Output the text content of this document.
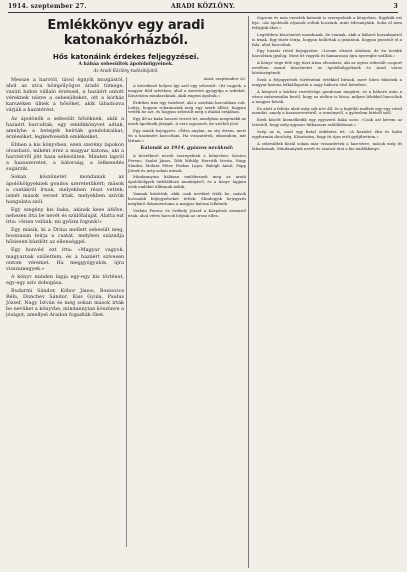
1914. szeptember 27.	ARADI KÖZLÖNY.	3
Emlékkönyv egy aradi katonakórházból.
Hős katonáink érdekes feljegyzései.
A hábáa sebesültek ápolóhölgyeinek.
Az Aradi Közlöny tudósítójától.

Messze a harctól, távol égnyik mozgástól, ahol az utca hömpölyögve áradó tömege, vasúti hídon vállaló érzéssel, a hazáért ontott véreknek nézve a sebesülteket, ott a kórház karszéken ülnek a hősöket, akik lábadozva várják a hazatérést.

Az ápolónők a sebesült hősöknek, akik a hazaért harcoltak, egy emlékkönyvet adtak, amelybe a betegek beírták gondolataikat, érzéseiket, legkedvesebb emlékeiket.

Ebben a kis könyvben, ezen szerény lapokon olvasható, miként érez a magyar katona, aki a harctérről jött haza sebesülten. Minden lapról a hazaszeretet, a bátorság, a lelkesedés sugárzik.

Sokan köszönetet mondanak az ápolóhölgyeknek gondos szeretetükért; mások a csatákról írnak, melyekben részt vettek; ismét mások verset írtak, melyekben szívük hangulata szól.

Egy szegény kis baka, akinek keze átlőve, nehezen írta be nevét és szülőfaluját. Alatta ezt írta: »Isten velünk, mi győzni fogunk!«

Egy másik, ki a Drina mellett sebesült meg, hosszasan leírja a csatát, melyben századja hősiesen küzdött az ellenséggel.

Egy honvéd ezt írta: »Magyar vagyok, magyarnak születtem, és a hazáért szívesen ontom véremet. Ha meggyógyulok, újra visszamegyek.«

A könyv minden lapja egy-egy kis történet, egy-egy szív dobogása.

Budarmi Sándor, Kóbor János, Bozsovics Béla, Dunchev Sándor, Kiss Gyula, Paulus József, Nagy István és még sokan mások írták be nevüket a könyvbe, mindannyian köszönve a jóságot, amellyel Aradon fogadták őket.

Arad, szeptember 26.

A következő helyen így szól egy sebesült: »Itt vagyok, a magyar föld szívében, ahol a szeretet gyógyítja a sebeket. Köszönöm mindazoknak, akik engem ápoltak.«

Érdekes írás egy tizedesé, aki a szerbiai harcokban volt. Leírja, hogyan rohamoztak meg egy szerb állást, hogyan vették be azt, és hogyan sebesült meg a diadal órájában.

Egy 48-as baka hosszú verset írt, amelyben megénekli az aradi ápolónők jóságát. A vers egyszerű, de szívből jövő.

Egy másik bejegyzés: »Édes anyám, ne sírj értem, mert én a hazámért harcoltam. Ha visszatérek, elmondom, mit láttam.«

Katonák az 1914. gyászos nevüknél:

A következő nevek szerepelnek a könyvben: Kovács Ferenc, Szabó János, Tóth Mihály, Horváth István, Nagy Sándor, Molnár Péter, Farkas Lajos, Balogh Antal, Papp József és még sokan mások.

Mindannyian hálásan emlékeznek meg az aradi ápolóhölgyek önfeláldozó munkájáról, és a könyv lapjain örök emléket állítanak nekik.

Vannak közöttük, akik csak nevüket írták be, mások hosszabb feljegyzéseket tettek. Mindegyik bejegyzés megható dokumentuma a magyar katona lelkének.

Verbán Ferenc és Székely József a Kárpátok ormairól írtak, ahol véres harcok folytak az orosz ellen.

Soproni és más ezredek katonái is szerepelnek a könyvben. Egyikük ezt írja: »Az ápolónők olyanok voltak hozzánk, mint édesanyánk. Soha el nem felejtjük őket.«

Legtöbben köszönetet mondanak, de vannak, akik a háború borzalmairól is írnak. Egy tüzér leírja, hogyan hullottak a gránátok, hogyan pusztult el a falu, ahol harcoltak.

Egy huszár rövid bejegyzése: »Lovam elesett alattam, de én tovább harcoltam gyalog. Most itt vagyok és hamarosan újra nyeregbe szállok.«

A könyv vége felé egy tiszt írása olvasható, aki az egész sebesült csoport nevében mond köszönetet az ápolóhölgyeknek és Arad város közönségének.

Ezek a feljegyzések történelmi értékkel bírnak, mert hűen tükrözik a magyar katona lelkiállapotát a nagy háború első heteiben.

A könyvet a kórház vezetősége gondosan megőrzi, és a háború után a város múzeumába kerül, hogy az utókor is lássa, milyen lélekkel harcoltak a magyar hősök.

Ez alatt a felirás alatt még sok név áll, és a legtöbb mellett egy-egy rövid mondat, amely a hazaszeretetről, a reményről, a győzelem hitéről szól.

Ezek között kiemelkedik egy egyszerű baka sora: »Csak azt kérem az Istentől, hogy még egyszer láthassam szülőfalumat.«

Szép az is, amit egy fiatal önkéntes írt: »A hazáért élni és halni egyformán dicsőség. Köszönöm, hogy itt újra erőt gyűjthettem.«

A sebesültek közül sokan már visszatértek a harctérre, mások még itt lábadoznak. Mindannyiuk nevét és szavait őrzi a kis emlékkönyv.
